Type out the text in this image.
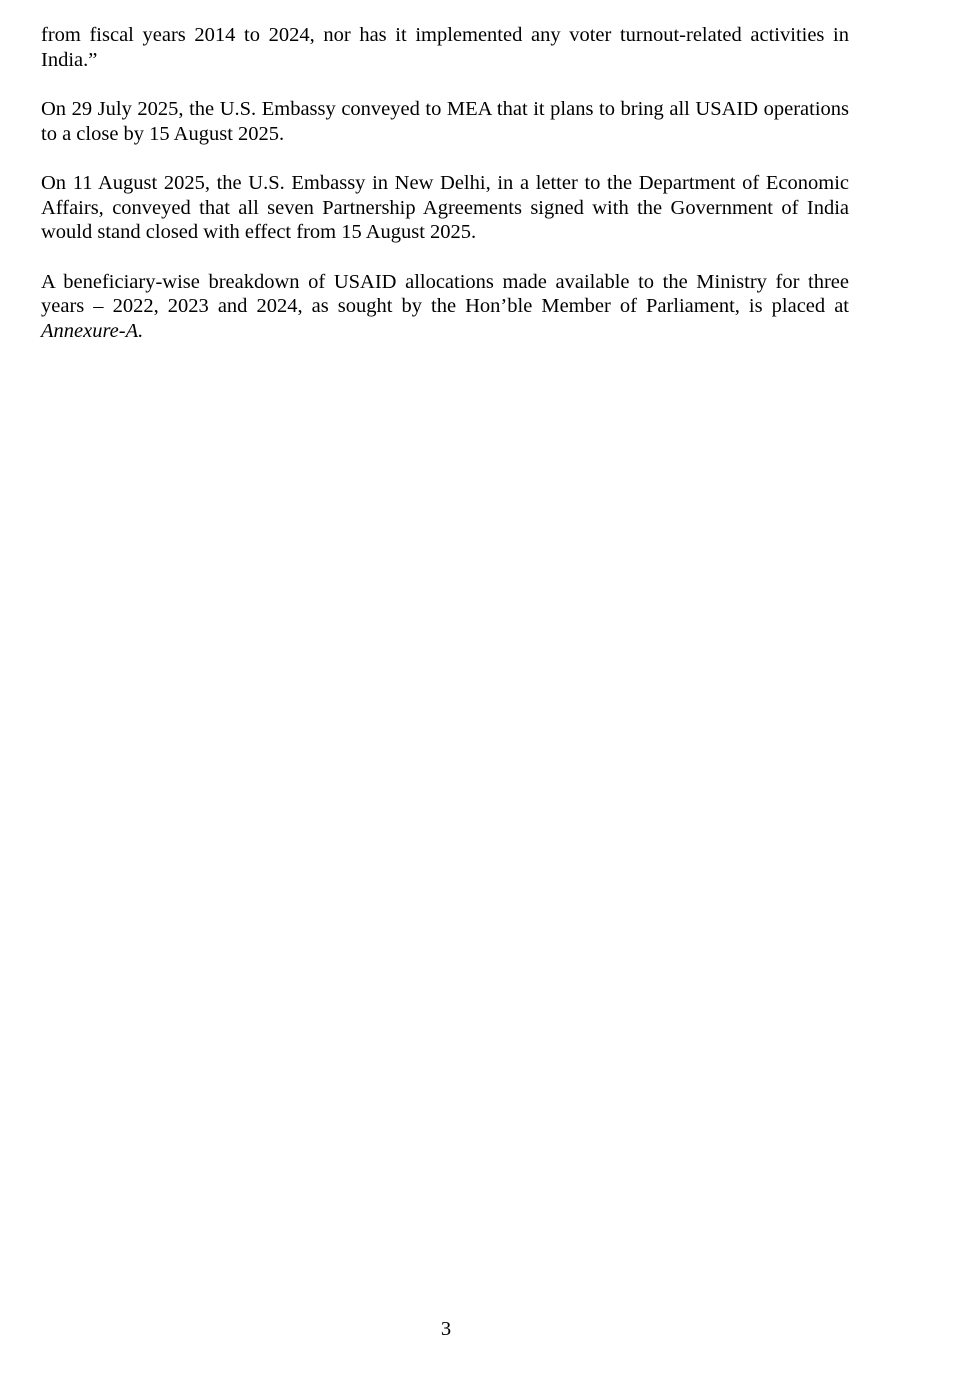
from fiscal years 2014 to 2024, nor has it implemented any voter turnout-related activities in India.”

On 29 July 2025, the U.S. Embassy conveyed to MEA that it plans to bring all USAID operations to a close by 15 August 2025.

On 11 August 2025, the U.S. Embassy in New Delhi, in a letter to the Department of Economic Affairs, conveyed that all seven Partnership Agreements signed with the Government of India would stand closed with effect from 15 August 2025.

A beneficiary-wise breakdown of USAID allocations made available to the Ministry for three years – 2022, 2023 and 2024, as sought by the Hon’ble Member of Parliament, is placed at Annexure-A.

3
